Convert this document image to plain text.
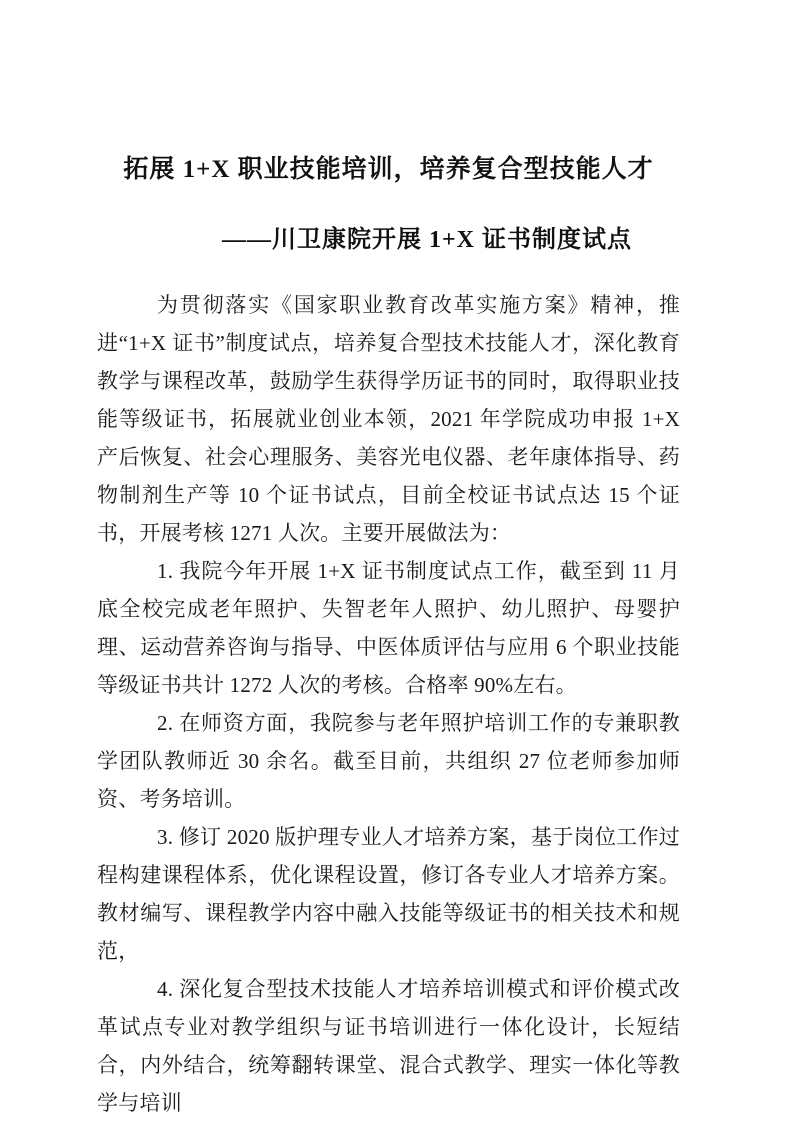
拓展 1+X 职业技能培训，培养复合型技能人才
——川卫康院开展 1+X 证书制度试点

为贯彻落实《国家职业教育改革实施方案》精神，推进“1+X 证书”制度试点，培养复合型技术技能人才，深化教育教学与课程改革，鼓励学生获得学历证书的同时，取得职业技能等级证书，拓展就业创业本领，2021 年学院成功申报 1+X 产后恢复、社会心理服务、美容光电仪器、老年康体指导、药物制剂生产等 10 个证书试点，目前全校证书试点达 15 个证书，开展考核 1271 人次。主要开展做法为：

1. 我院今年开展 1+X 证书制度试点工作，截至到 11 月底全校完成老年照护、失智老年人照护、幼儿照护、母婴护理、运动营养咨询与指导、中医体质评估与应用 6 个职业技能等级证书共计 1272 人次的考核。合格率 90%左右。

2. 在师资方面，我院参与老年照护培训工作的专兼职教学团队教师近 30 余名。截至目前，共组织 27 位老师参加师资、考务培训。

3. 修订 2020 版护理专业人才培养方案，基于岗位工作过程构建课程体系，优化课程设置，修订各专业人才培养方案。教材编写、课程教学内容中融入技能等级证书的相关技术和规范，

4. 深化复合型技术技能人才培养培训模式和评价模式改革试点专业对教学组织与证书培训进行一体化设计，长短结合，内外结合，统筹翻转课堂、混合式教学、理实一体化等教学与培训
